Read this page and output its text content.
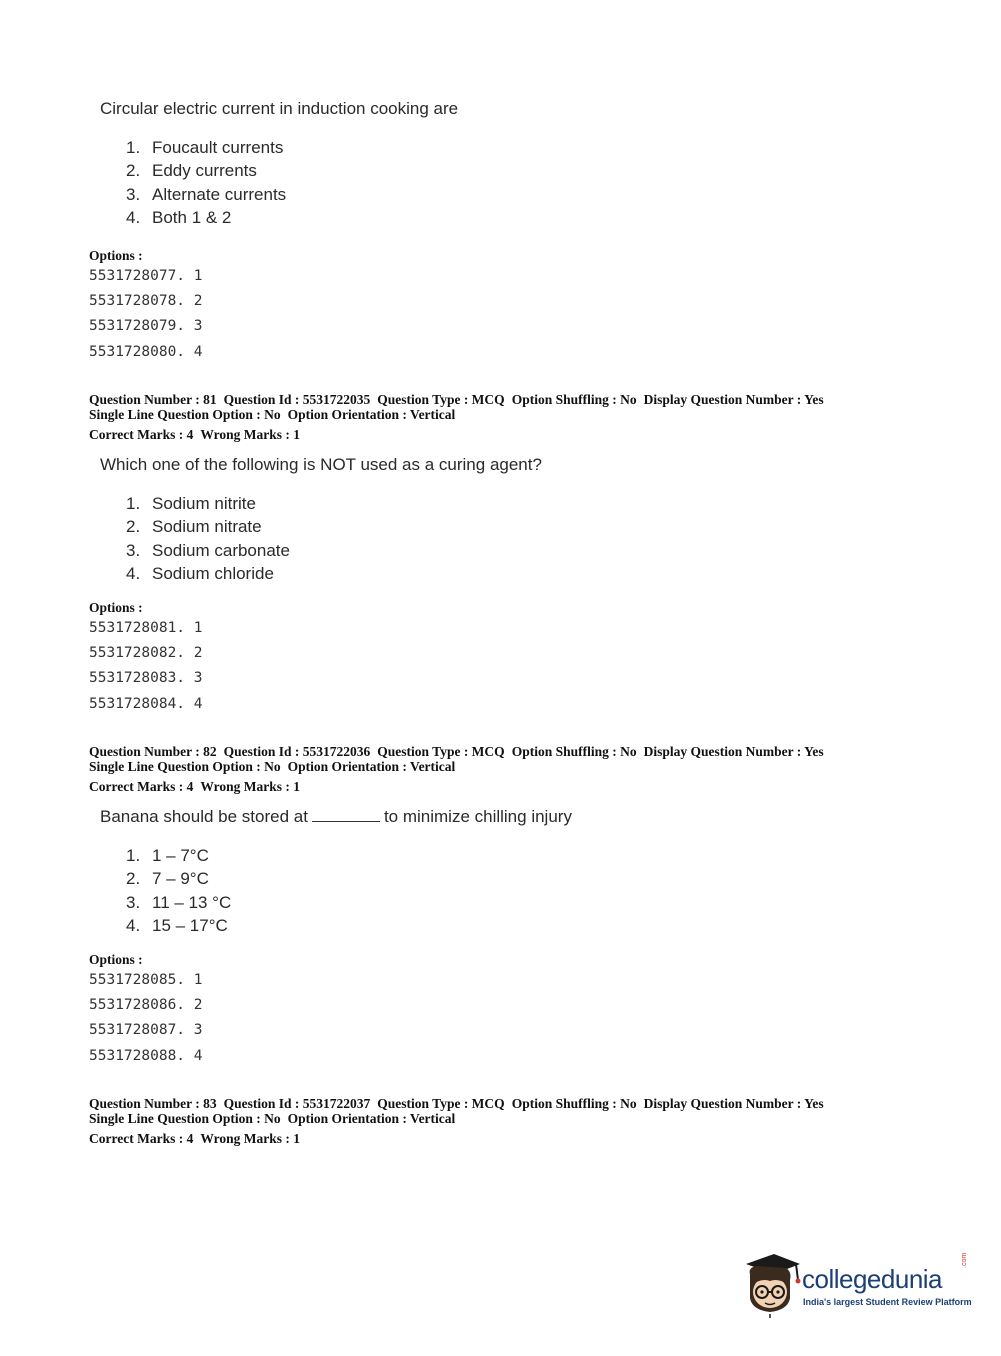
Circular electric current in induction cooking are
1. Foucault currents
2. Eddy currents
3. Alternate currents
4. Both 1 & 2
Options :
5531728077. 1
5531728078. 2
5531728079. 3
5531728080. 4
Question Number : 81 Question Id : 5531722035 Question Type : MCQ Option Shuffling : No Display Question Number : Yes
Single Line Question Option : No Option Orientation : Vertical
Correct Marks : 4 Wrong Marks : 1
Which one of the following is NOT used as a curing agent?
1. Sodium nitrite
2. Sodium nitrate
3. Sodium carbonate
4. Sodium chloride
Options :
5531728081. 1
5531728082. 2
5531728083. 3
5531728084. 4
Question Number : 82 Question Id : 5531722036 Question Type : MCQ Option Shuffling : No Display Question Number : Yes
Single Line Question Option : No Option Orientation : Vertical
Correct Marks : 4 Wrong Marks : 1
Banana should be stored at	to minimize chilling injury
1. 1 – 7°C
2. 7 – 9°C
3. 11 – 13 °C
4. 15 – 17°C
Options :
5531728085. 1
5531728086. 2
5531728087. 3
5531728088. 4
Question Number : 83 Question Id : 5531722037 Question Type : MCQ Option Shuffling : No Display Question Number : Yes
Single Line Question Option : No Option Orientation : Vertical
Correct Marks : 4 Wrong Marks : 1
collegedunia
.com
India's largest Student Review Platform
